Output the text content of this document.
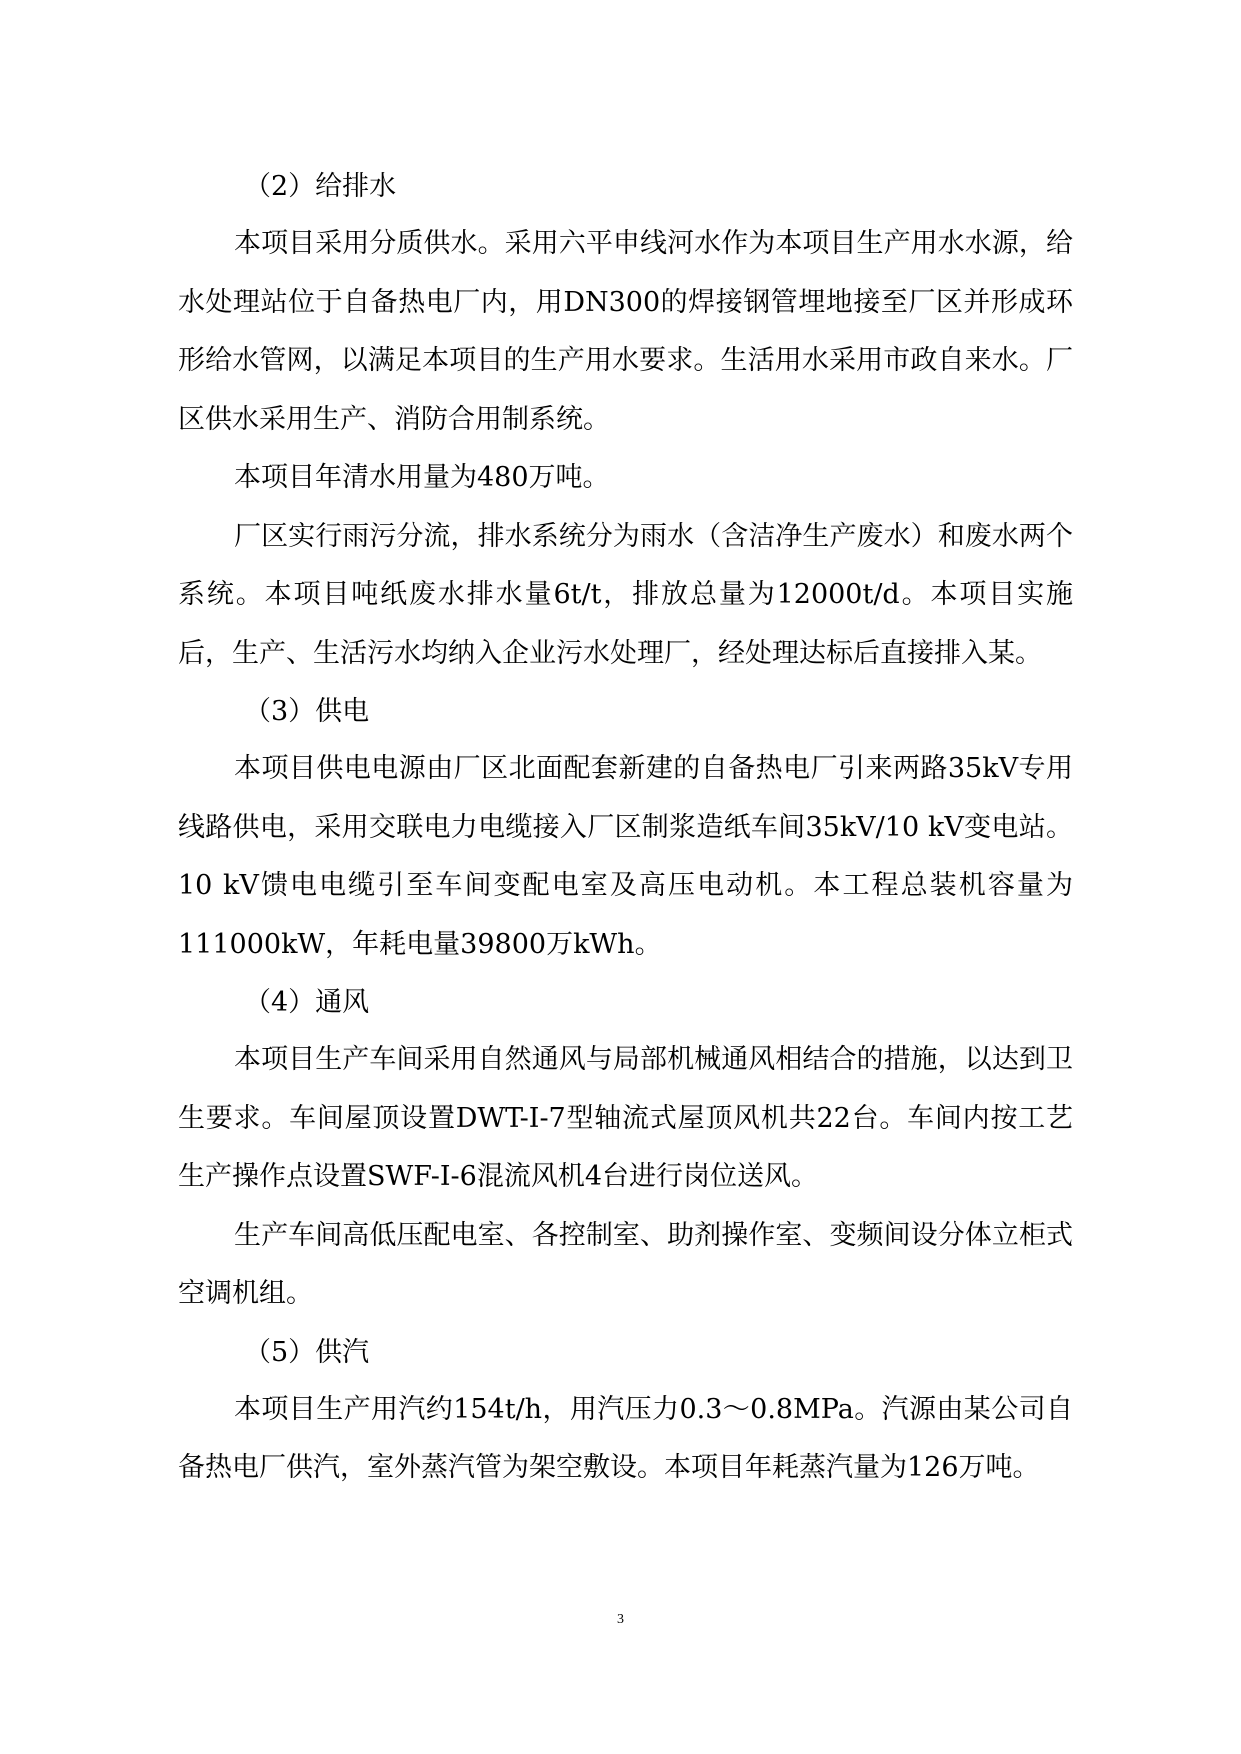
（2）给排水

本项目采用分质供水。采用六平申线河水作为本项目生产用水水源，给水处理站位于自备热电厂内，用DN300的焊接钢管埋地接至厂区并形成环形给水管网，以满足本项目的生产用水要求。生活用水采用市政自来水。厂区供水采用生产、消防合用制系统。

本项目年清水用量为480万吨。

厂区实行雨污分流，排水系统分为雨水（含洁净生产废水）和废水两个系统。本项目吨纸废水排水量6t/t，排放总量为12000t/d。本项目实施后，生产、生活污水均纳入企业污水处理厂，经处理达标后直接排入某。

（3）供电

本项目供电电源由厂区北面配套新建的自备热电厂引来两路35kV专用线路供电，采用交联电力电缆接入厂区制浆造纸车间35kV/10 kV变电站。10 kV馈电电缆引至车间变配电室及高压电动机。本工程总装机容量为111000kW，年耗电量39800万kWh。

（4）通风

本项目生产车间采用自然通风与局部机械通风相结合的措施，以达到卫生要求。车间屋顶设置DWT-I-7型轴流式屋顶风机共22台。车间内按工艺生产操作点设置SWF-I-6混流风机4台进行岗位送风。

生产车间高低压配电室、各控制室、助剂操作室、变频间设分体立柜式空调机组。

（5）供汽

本项目生产用汽约154t/h，用汽压力0.3～0.8MPa。汽源由某公司自备热电厂供汽，室外蒸汽管为架空敷设。本项目年耗蒸汽量为126万吨。

3
